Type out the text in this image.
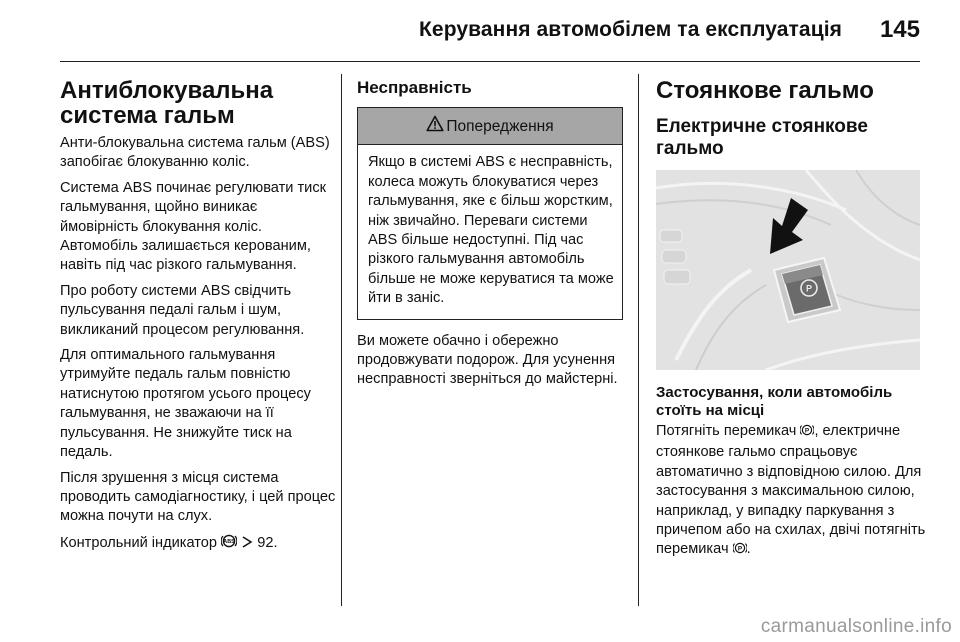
Керування автомобілем та експлуатація 145
Антиблокувальна система гальм

Анти-блокувальна система гальм (ABS) запобігає блокуванню коліс.

Система ABS починає регулювати тиск гальмування, щойно виникає ймовірність блокування коліс. Автомобіль залишається керованим, навіть під час різкого гальмування.

Про роботу системи ABS свідчить пульсування педалі гальм і шум, викликаний процесом регулювання.

Для оптимального гальмування утримуйте педаль гальм повністю натиснутою протягом усього процесу гальмування, не зважаючи на її пульсування. Не знижуйте тиск на педаль.

Після зрушення з місця система проводить самодіагностику, і цей процес можна почути на слух.

Контрольний індикатор ABS 92.

Несправність
Попередження
Якщо в системі ABS є несправність, колеса можуть блокуватися через гальмування, яке є більш жорстким, ніж звичайно. Переваги системи ABS більше недоступні. Під час різкого гальмування автомобіль більше не може керуватися та може йти в заніс.

Ви можете обачно і обережно продовжувати подорож. Для усунення несправності зверніться до майстерні.

Стоянкове гальмо
Електричне стоянкове гальмо
P
Застосування, коли автомобіль стоїть на місці

Потягніть перемикач P , електричне стоянкове гальмо спрацьовує автоматично з відповідною силою. Для застосування з максимальною силою, наприклад, у випадку паркування з причепом або на схилах, двічі потягніть перемикач P .

carmanualsonline.info
